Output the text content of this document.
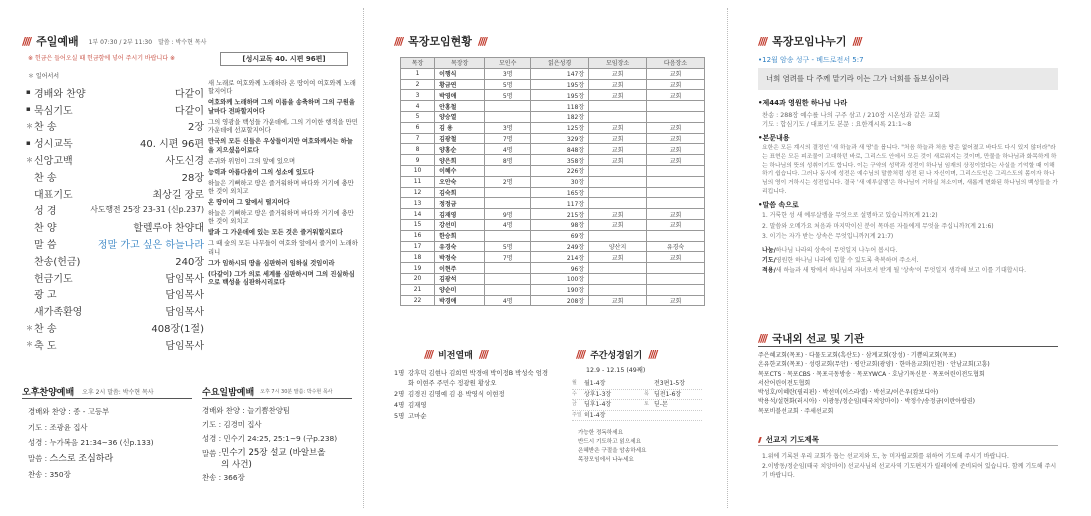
//// 주일예배 1부 07:30 / 2부 11:30 말씀 : 박수현 목사
※ 헌금은 들어오실 때 헌금함에 넣어 주시기 바랍니다 ※
＊ 일어서서
▪ 경배와 찬양	다같이
▪ 묵심기도	다같이
＊ 찬 송	2장
▪ 성시교독	40. 시편 96편
＊ 신앙고백	사도신경
찬 송	28장
대표기도	최상길 장로
성 경	사도행전 25장 23-31 (신p.237)
찬 양	할렐루야 찬양대
말 씀	정말 가고 싶은 하늘나라
찬송(헌금)	240장
헌금기도	담임목사
광 고	담임목사
새가족환영	담임목사
＊ 찬 송	408장(1절)
＊ 축 도	담임목사
[성시교독 40. 시편 96편]
새 노래로 여호와께 노래하라 온 땅이여 여호와께 노래할지어다
여호와께 노래하며 그의 이름을 송축하며 그의 구원을 날마다 전파할지어다
그의 영광을 백성들 가운데에, 그의 기이한 행적을 만민 가운데에 선포할지어다
만국의 모든 신들은 우상들이지만 여호와께서는 하늘을 지으셨음이로다
존귀와 위엄이 그의 앞에 있으며
능력과 아름다움이 그의 성소에 있도다
하늘은 기뻐하고 땅은 즐거워하며 바다와 거기에 충만한 것이 외치고
온 땅이여 그 앞에서 떨지어다
하늘은 기뻐하고 땅은 즐거워하며 바다와 거기에 충만한 것이 외치고
밭과 그 가운데에 있는 모든 것은 즐거워할지로다
그 때 숲의 모든 나무들이 여호와 앞에서 즐거이 노래하리니
그가 임하시되 땅을 심판하러 임하실 것임이라
(다같이) 그가 의로 세계를 심판하시며 그의 진실하심으로 백성을 심판하시리로다
오후찬양예배 오후 2시 말씀: 박수현 목사
경배와 찬양 : 종 - 고등부
기도 : 조광윤 집사
성경 : 누가복음 21:34~36 (신p.133)
말씀 : 스스로 조심하라
찬송 : 350장
수요일밤예배 오후 7시 30분 말씀: 박수현 목사
경배와 찬양 : 늘기쁨찬양팀
기도 : 김경미 집사
성경 : 민수기 24:25, 25:1~9 (구p.238)
말씀 : 민수기 25장 설교 (바알브올의 사건)
찬송 : 366장
//// 목장모임현황 ////
목장	목장장	모인수	읽은성경	모임장소	다음장소
1	이행식	3명	147장	교회	교회
2	황금연	5명	195장	교회	교회
3	박영애	5명	195장	교회	교회
4	안홍철		118장		
5	양승열		182장		
6	김 용	3명	125장	교회	교회
7	김광철	7명	329장	교회	교회
8	양홍순	4명	848장	교회	교회
9	양은희	8명	358장	교회	교회
10	이혜수		226장		
11	오안숙	2명	30장		
12	김숙희		165장		
13	정정금		117장		
14	김재영	9명	215장	교회	교회
15	강선미	4명	98장	교회	교회
16	한승희		69장		
17	유경숙	5명	249장	양산지	유경숙
18	박정숙	7명	214장	교회	교회
19	이현주		96장		
20	김광석		100장		
21	양순미		190장		
22	박경애	4명	208장	교회	교회
//// 비전열매 ////
1명 강후덕 김현나 김희연 박경애 박이정B 박성숙 엄경화 이현주 주민수 정광원 황상오
2명 김경진 김명예 김 용 박영식 이현정
4명 김재영
5명 고마순
//// 주간성경읽기 ////
12.9 - 12.15 (49째)
월	월1-4장	전3편1-5장
수	상후1-3장	목 딤전1-6장
금	딤후1-4장	토 딛-몬
주일 히1-4장
가능한 정독하세요
반드시 기도하고 읽으세요
은혜받은 구절을 암송하세요
목장모임에서 나누세요
//// 목장모임나누기 ////
•12월 암송 성구 - 베드로전서 5:7
너희 염려를 다 주께 맡기라 이는 그가 너희를 돌보심이라
•제44과 영원한 하나님 나라
찬송 : 288장 예수를 나의 구주 삼고 / 210장 시온성과 같은 교회
기도 : 합심기도 / 대표기도 본문 : 요한계시록 21:1~8
•본문내용
요한은 모든 계시의 결정인 '새 하늘과 새 땅'을 봅니다. "처음 하늘과 처음 땅은 없어졌고 바다도 다시 있지 않더라"라는 표현은 모든 피조물이 고대하던 바로, 그리스도 안에서 모든 것이 새로워지는 것이며, 만물을 하나님과 화목하게 하는 하나님의 뜻의 성취이기도 합니다. 이는 구약의 성막과 성전이 하나님 임재의 상징이었다는 사실을 기억할 때 이해하기 쉽습니다. 그러나 동시에 성전은 예수님의 말씀처럼 성전 된 나 자신이며, 그리스도인은 그리스도의 몸이자 하나님의 영이 거하시는 성전입니다. 결국 '새 예루살렘'은 하나님이 거하실 처소이며, 새롭게 변화된 하나님의 백성들을 가리킵니다.
•말씀 속으로
1. 거룩한 성 새 예루살렘을 무엇으로 설명하고 있습니까?(계 21:2)
2. 말씀와 오메가요 처음과 마지막이신 분이 목마른 자들에게 무엇을 주십니까?(계 21:6)
3. 이기는 자가 받는 상속은 무엇입니까?(계 21:7)
나눔/하나님 나라의 상속이 무엇일지 나누어 봅시다.
기도/영원한 하나님 나라에 입할 수 있도록 축복하며 주소서.
적용/새 하늘과 새 땅에서 하나님의 자녀로서 받게 될 '상속'이 무엇일지 생각해 보고 이를 기대합시다.
//// 국내외 선교 및 기관
주은혜교회(목포) · 다물도교회(흑산도) · 삼계교회(장성) · 기쁨의교회(목포)
온유한교회(목포) · 성령교회(무안) · 평안교회(광양) · 한마음교회(인천) · 안남교회(고흥)
목포CTS · 목포CBS · 목포극동방송 · 목포YWCA · 호남기독신문 · 목포어린이전도협회
서산어린이전도협회
박성호/이혜란(필리핀) · 박선미(이스라엘) · 박선교/이은우(캄보디아)
박용석/설현화(러시아) · 이광동/정순임(태국치앙마이) · 박정수/송정금(이란아랍권)
목포비블선교회 · 주세선교회
/// 선교지 기도제목
1.위에 기록된 우리 교회가 돕는 선교지와 도, 농 미자립교회를 위하여 기도해 주시기 바랍니다.
2.이방동/정순임(태국 치앙마이) 선교사님의 선교사역 기도편지가 릴레이에 준비되어 있습니다. 함께 기도해 주시기 바랍니다.
